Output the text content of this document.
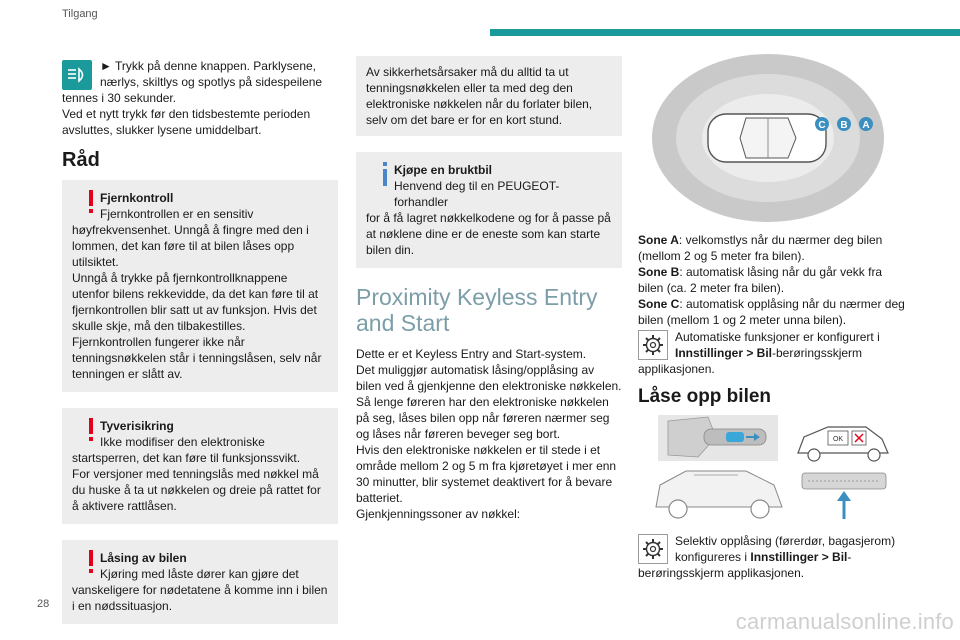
Tilgang
► Trykk på denne knappen. Parklysene,
nærlys, skiltlys og spotlys på sidespeilene
tennes i 30 sekunder.
Ved et nytt trykk før den tidsbestemte perioden
avsluttes, slukker lysene umiddelbart.
Råd
Fjernkontroll
Fjernkontrollen er en sensitiv

høyfrekvensenhet. Unngå å fingre med den i lommen, det kan føre til at bilen låses opp utilsiktet.
Unngå å trykke på fjernkontrollknappene utenfor bilens rekkevidde, da det kan føre til at fjernkontrollen blir satt ut av funksjon. Hvis det skulle skje, må den tilbakestilles.
Fjernkontrollen fungerer ikke når tenningsnøkkelen står i tenningslåsen, selv når tenningen er slått av.

Tyverisikring
Ikke modifiser den elektroniske

startsperren, det kan føre til funksjonssvikt.
For versjoner med tenningslås med nøkkel må du huske å ta ut nøkkelen og dreie på rattet for å aktivere rattlåsen.

Låsing av bilen
Kjøring med låste dører kan gjøre det

vanskeligere for nødetatene å komme inn i bilen i en nødssituasjon.

Av sikkerhetsårsaker må du alltid ta ut tenningsnøkkelen eller ta med deg den elektroniske nøkkelen når du forlater bilen, selv om det bare er for en kort stund.

Kjøpe en bruktbil
Henvend deg til en PEUGEOT-forhandler

for å få lagret nøkkelkodene og for å passe på at nøklene dine er de eneste som kan starte bilen din.

Proximity Keyless Entry and Start

Dette er et Keyless Entry and Start-system.
Det muliggjør automatisk låsing/opplåsing av bilen ved å gjenkjenne den elektroniske nøkkelen.
Så lenge føreren har den elektroniske nøkkelen på seg, låses bilen opp når føreren nærmer seg og låses når føreren beveger seg bort.
Hvis den elektroniske nøkkelen er til stede i et område mellom 2 og 5 m fra kjøretøyet i mer enn 30 minutter, blir systemet deaktivert for å bevare batteriet.
Gjenkjenningssoner av nøkkel:

C B A

Sone A: velkomstlys når du nærmer deg bilen (mellom 2 og 5 meter fra bilen).

Sone B: automatisk låsing når du går vekk fra bilen (ca. 2 meter fra bilen).

Sone C: automatisk opplåsing når du nærmer deg bilen (mellom 1 og 2 meter unna bilen).

Automatiske funksjoner er konfigurert i
Innstillinger > Bil-berøringsskjerm
applikasjonen.
Låse opp bilen
OK
Selektiv opplåsing (førerdør, bagasjerom)
konfigureres i Innstillinger > Bil-
berøringsskjerm applikasjonen.
28
carmanualsonline.info
